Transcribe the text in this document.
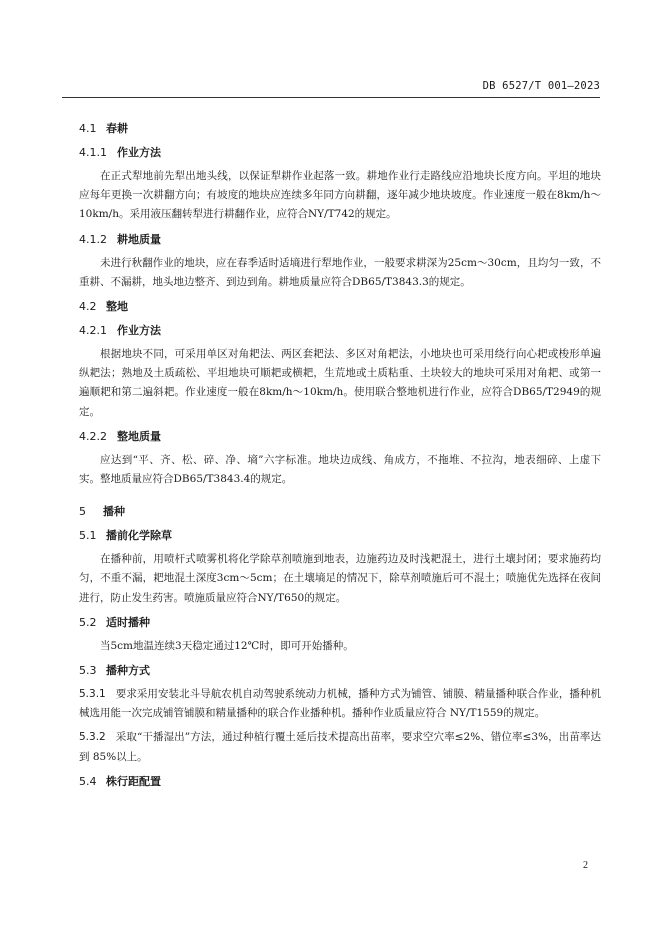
DB 6527/T 001—2023
4.1 春耕
4.1.1 作业方法

在正式犁地前先犁出地头线，以保证犁耕作业起落一致。耕地作业行走路线应沿地块长度方向。平坦的地块应每年更换一次耕翻方向；有坡度的地块应连续多年同方向耕翻，逐年减少地块坡度。作业速度一般在8km/h～10km/h。采用液压翻转犁进行耕翻作业，应符合NY/T742的规定。

4.1.2 耕地质量

未进行秋翻作业的地块，应在春季适时适墒进行犁地作业，一般要求耕深为25cm～30cm，且均匀一致，不重耕、不漏耕，地头地边整齐、到边到角。耕地质量应符合DB65/T3843.3的规定。

4.2 整地
4.2.1 作业方法

根据地块不同，可采用单区对角耙法、两区套耙法、多区对角耙法，小地块也可采用绕行向心耙或梭形单遍纵耙法；熟地及土质疏松、平坦地块可顺耙或横耙，生荒地或土质粘重、土块较大的地块可采用对角耙、或第一遍顺耙和第二遍斜耙。作业速度一般在8km/h～10km/h。使用联合整地机进行作业，应符合DB65/T2949的规定。

4.2.2 整地质量

应达到“平、齐、松、碎、净、墒”六字标准。地块边成线、角成方，不拖堆、不拉沟，地表细碎、上虚下实。整地质量应符合DB65/T3843.4的规定。

5 播种
5.1 播前化学除草

在播种前，用喷杆式喷雾机将化学除草剂喷施到地表，边施药边及时浅耙混土，进行土壤封闭；要求施药均匀，不重不漏，耙地混土深度3cm～5cm；在土壤墒足的情况下，除草剂喷施后可不混土；喷施优先选择在夜间进行，防止发生药害。喷施质量应符合NY/T650的规定。

5.2 适时播种

当5cm地温连续3天稳定通过12℃时，即可开始播种。

5.3 播种方式

5.3.1 要求采用安装北斗导航农机自动驾驶系统动力机械，播种方式为铺管、铺膜、精量播种联合作业，播种机械选用能一次完成铺管铺膜和精量播种的联合作业播种机。播种作业质量应符合 NY/T1559的规定。

5.3.2 采取“干播湿出”方法，通过种植行覆土延后技术提高出苗率，要求空穴率≤2%、错位率≤3%，出苗率达到 85%以上。

5.4 株行距配置
2
